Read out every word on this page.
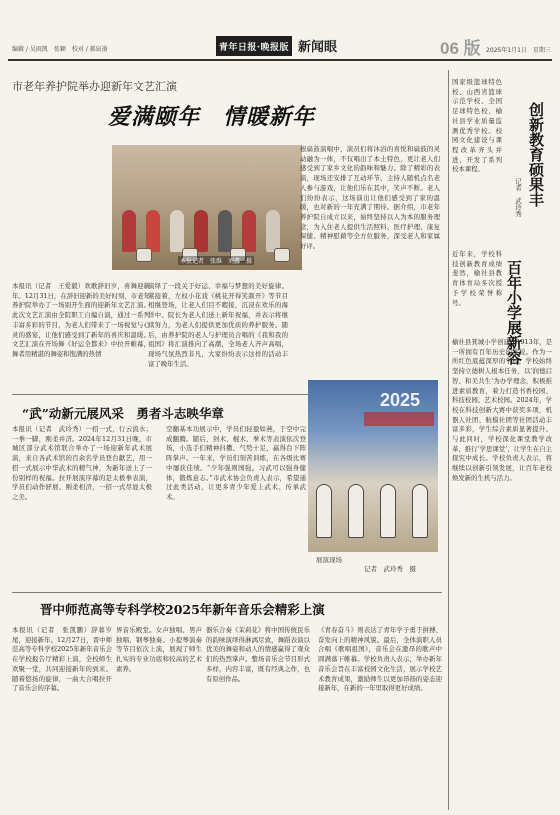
编辑 / 吴雨凯　张颖　校对 / 郝宸嵛	青年日报·晚报版 新闻眼	06 版 2025年1月1日　星期三
市老年养护院举办迎新年文艺汇演
爱满颐年　情暖新年
本报记者　张维　刘鑫　摄
本报讯（记者　王爱毅）欢歌辞旧岁，喜舞迎新年。12月31日，在辞旧迎新的美好时刻，市老年养护院举办了一场别开生面的迎新年文艺汇演。此次文艺汇演由全院职工自编自演，通过一系列丰富多彩的节目，为老人们带来了一场视觉与心灵的盛宴，让他们感受到了新年的喜庆和温暖。文艺汇演在开场舞《好运全都来》中拉开帷幕，舞者用精湛的舞姿和饱满的热情
演绎了一段关于好运、幸福与梦想的美好旋律。紧接着，左权小花戏《桃花开得笑颜开》等节目相继登场，让老人们目不暇接，沉浸在欢乐的海洋中。院长为老人们送上新年祝福，并表示将继续努力，为老人们提供更加优质的养护服务。随后，由养护院的老人与护理员合唱的《我和我的祖国》将汇演推向了高潮，全场老人齐声高唱，现场气氛热烈非凡，大家纷纷表示这样的活动丰富了晚年生活。
根扁鼓演唱中，演员们将沐浴的喜悦和扁鼓的灵动融为一体，不仅唱出了本土特色，更让老人们感受到了家乡文化的韵味和魅力。除了精彩的表演，现场还安排了互动环节，主持人随机点名老人参与游戏，让他们乐在其中，笑声不断。老人们纷纷表示，这场演出让他们感受到了家的温暖，也对新的一年充满了期待。据介绍，市老年养护院自成立以来，始终坚持以人为本的服务理念，为入住老人提供生活照料、医疗护理、康复保健、精神慰藉等全方位服务，深受老人和家属好评。
“武”动新元展风采　勇者斗志映华章
本报讯（记者　武玲秀）一招一式，行云流水；一拳一脚，刚柔并济。2024年12月31日晚，市城区部分武术馆联合举办了一场迎新年武术展演，来自各武术馆的百余名学员登台献艺，用一招一式展示中华武术的精气神，为新年送上了一份别样的祝福。拉开展演序幕的是太极拳表演，学员们动作舒展、刚柔相济，一招一式尽显太极之美。
空翻基本功展示中，学员们轻盈如燕，于空中完成翻腾。随后，剑术、棍术、拳术等表演依次登场，小选手们精神抖擞、气势十足，赢得台下阵阵掌声。一年来，学员们刻苦训练，在各级比赛中屡获佳绩。“少年强则国强。习武可以强身健体，锻炼意志。”市武术协会负责人表示，希望通过此类活动，让更多青少年爱上武术、传承武术。
2025
展演现场
记者　武玲秀　摄
晋中师范高等专科学校2025年新年音乐会精彩上演
本报讯（记者　张凯鹏）辞暮岁尾，迎接新年。12月27日，晋中师范高等专科学校2025年新年音乐会在学校报告厅精彩上演，全校师生欢聚一堂，共同迎接新年的到来。随着悠扬的旋律，一曲大合唱拉开了音乐会的序幕。
界音乐殿堂。女声独唱、男声独唱、钢琴独奏、小提琴演奏等节目依次上演，展现了师生扎实的专业功底和较高的艺术素养。
器乐合奏《茉莉花》将中国传统民乐的韵味演绎得淋漓尽致，舞蹈表演以优美的舞姿和动人的情感赢得了观众们的热烈掌声。整场音乐会节目形式多样，内容丰富，既有经典之作，也有原创作品。
《青春奋斗》则表达了青年学子勇于拼搏、奋发向上的精神风貌。最后，全体演职人员合唱《歌唱祖国》，音乐会在激昂的歌声中圆满落下帷幕。学校负责人表示，举办新年音乐会旨在丰富校园文化生活，展示学校艺术教育成果，激励师生以更加昂扬的姿态迎接新年，在新的一年里取得更好成绩。
创新教育硕果丰
百年小学展新容
记者　武玲秀
国家级篮球特色校、山西省篮球示范学校、全国足球特色校，榆社县学业质量监测优秀学校。校园文化建设与课程改革齐头并进，开发了系列校本课程。
近年来，学校科技创新教育成绩斐然，榆社县教育体育局多次授予学校荣誉称号。
榆社县箕城小学创建于1913年，是一所拥有百年历史的学校。作为一所红色底蕴深厚的学校，学校始终坚持立德树人根本任务，以‘润德启智、和美共生’为办学理念，积极推进素质教育，着力打造书香校园、科技校园、艺术校园。2024年，学校在科技创新大赛中获奖多项，机器人社团、航模社团等社团活动丰富多彩，学生综合素质显著提升。与此同时，学校深化课堂教学改革，推行‘学思课堂’，让学生在自主探究中成长。学校负责人表示，将继续以创新引领发展，让百年老校焕发新的生机与活力。
